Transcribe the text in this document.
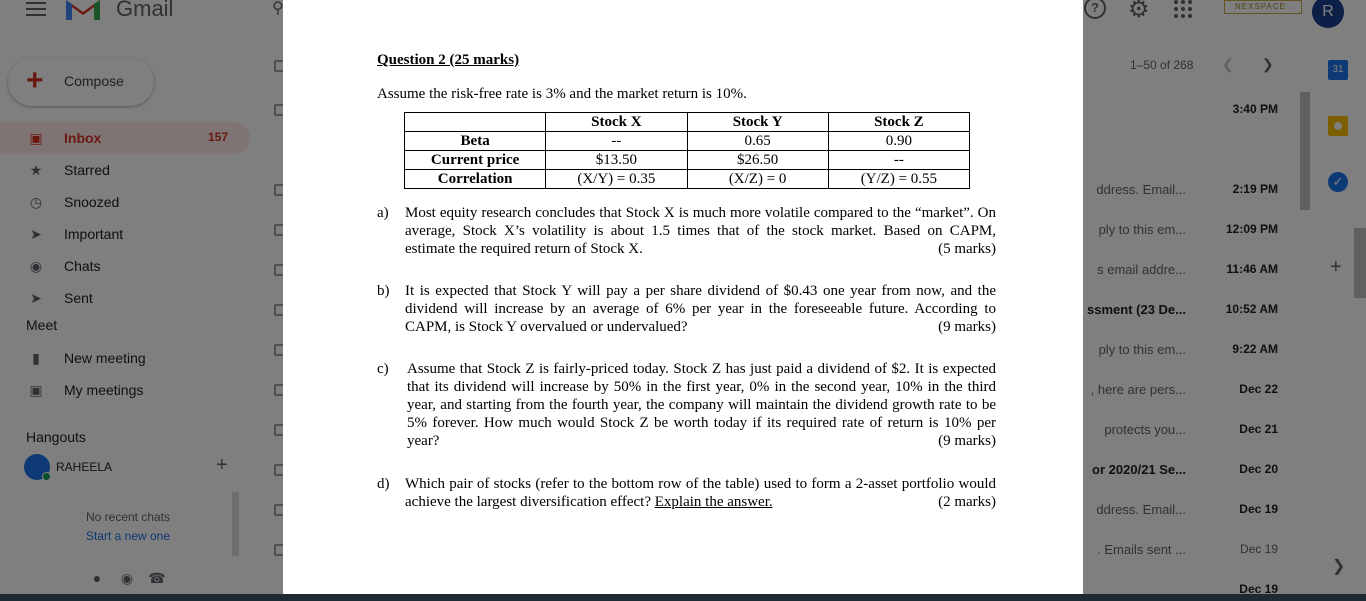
Question 2 (25 marks)
Assume the risk-free rate is 3% and the market return is 10%.
	Stock X	Stock Y	Stock Z
Beta	--	0.65	0.90
Current price	$13.50	$26.50	--
Correlation	(X/Y) = 0.35	(X/Z) = 0	(Y/Z) = 0.55
a)	Most equity research concludes that Stock X is much more volatile compared to the “market”. On average, Stock X’s volatility is about 1.5 times that of the stock market. Based on CAPM, estimate the required return of Stock X.	(5 marks)
b)	It is expected that Stock Y will pay a per share dividend of $0.43 one year from now, and the dividend will increase by an average of 6% per year in the foreseeable future. According to CAPM, is Stock Y overvalued or undervalued?	(9 marks)
c)	Assume that Stock Z is fairly-priced today. Stock Z has just paid a dividend of $2. It is expected that its dividend will increase by 50% in the first year, 0% in the second year, 10% in the third year, and starting from the fourth year, the company will maintain the dividend growth rate to be 5% forever. How much would Stock Z be worth today if its required rate of return is 10% per year?	(9 marks)
d)	Which pair of stocks (refer to the bottom row of the table) used to form a 2-asset portfolio would achieve the largest diversification effect? Explain the answer.	(2 marks)
